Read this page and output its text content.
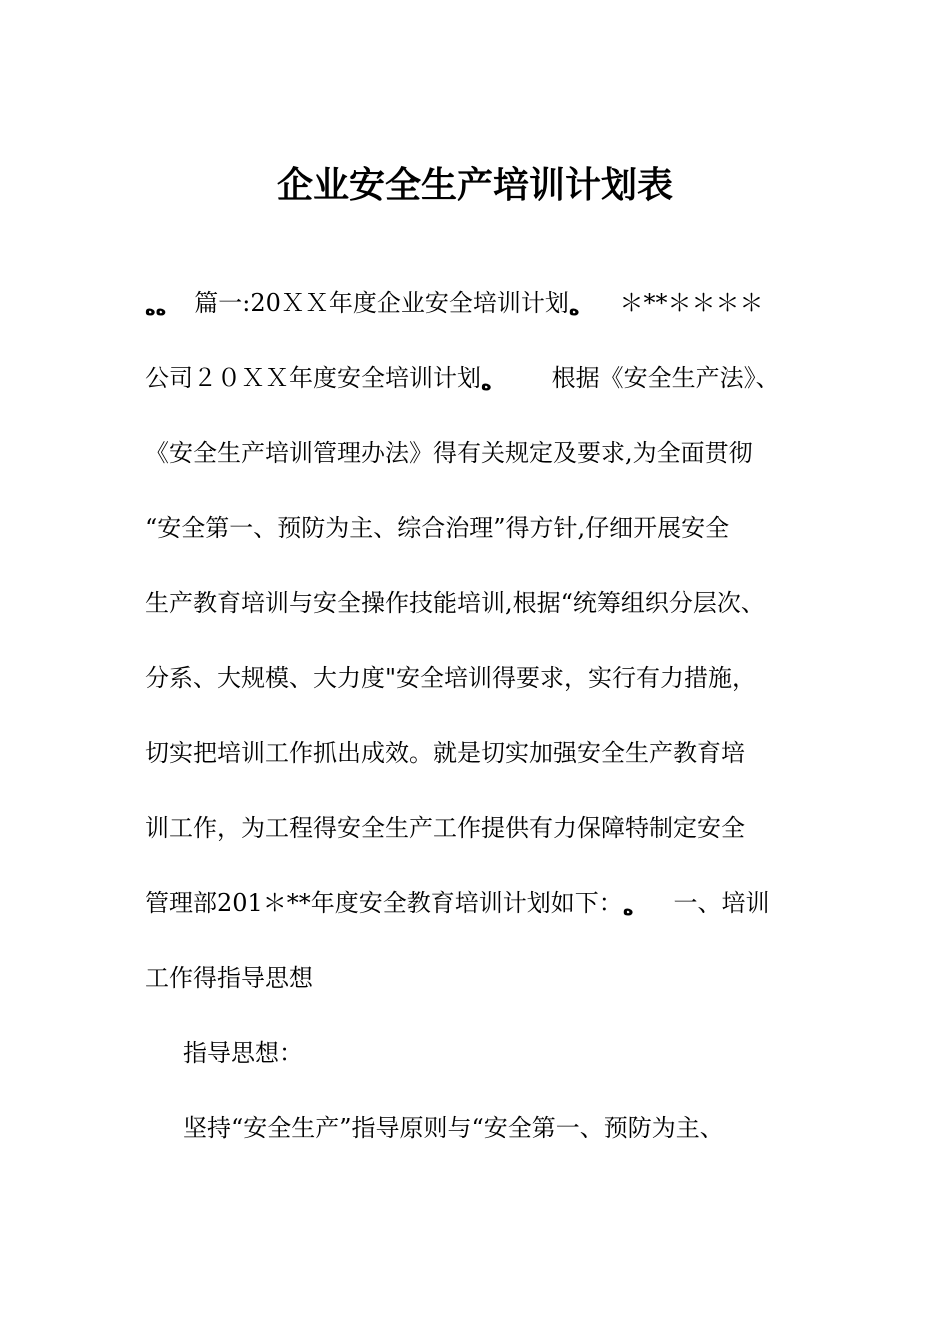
企业安全生产培训计划表

ﻩﻩ 篇一:20ＸＸ年度企业安全培训计划ﻩ ＊**＊＊＊＊

公司２０ＸＸ年度安全培训计划ﻩ	根据《安全生产法》、

《安全生产培训管理办法》得有关规定及要求,为全面贯彻

“安全第一、预防为主、综合治理”得方针,仔细开展安全

生产教育培训与安全操作技能培训,根据“统筹组织分层次、

分系、大规模、大力度"安全培训得要求，实行有力措施，

切实把培训工作抓出成效。就是切实加强安全生产教育培

训工作，为工程得安全生产工作提供有力保障特制定安全

管理部201＊**年度安全教育培训计划如下：ﻩ 一、培训

工作得指导思想

指导思想：

坚持“安全生产”指导原则与“安全第一、预防为主、
